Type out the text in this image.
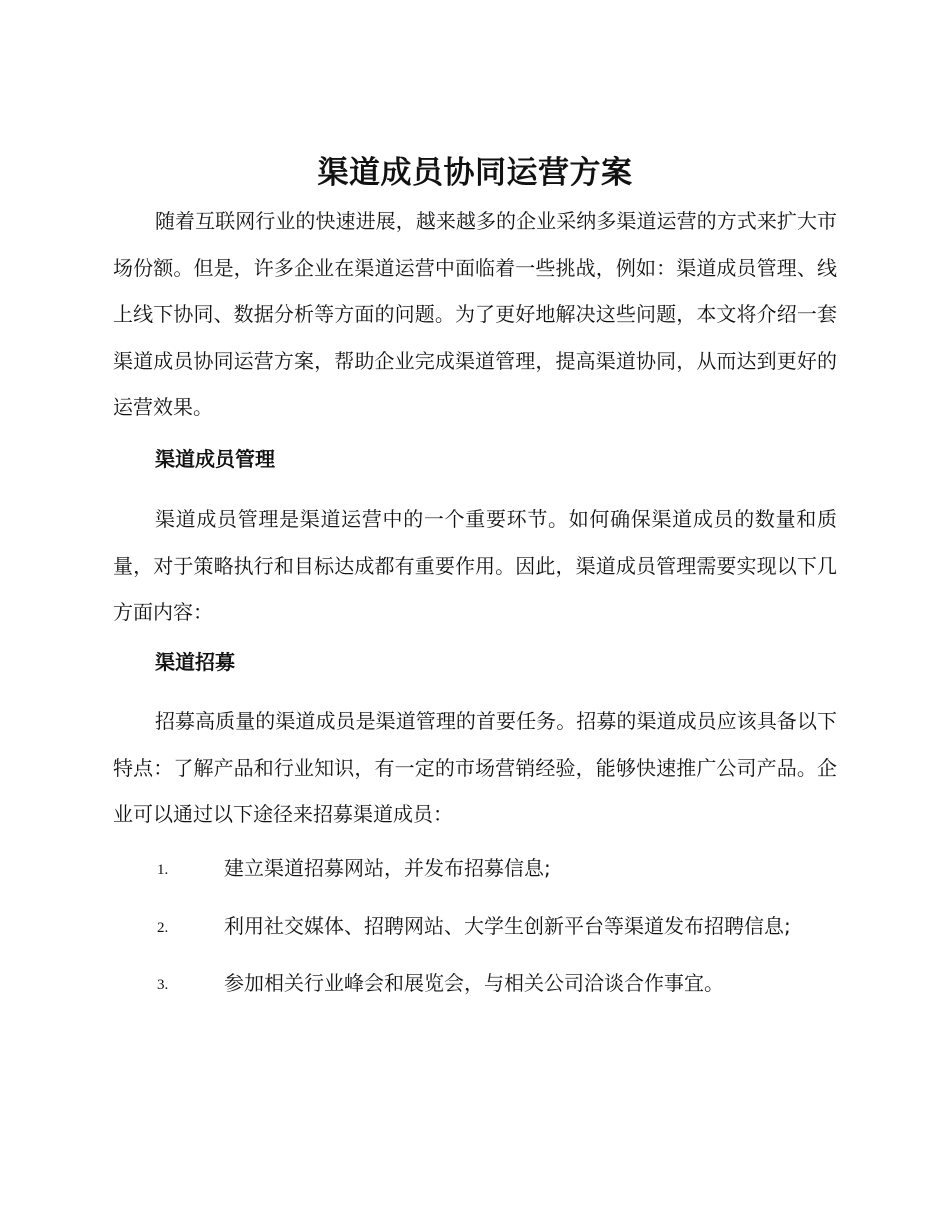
渠道成员协同运营方案

随着互联网行业的快速进展，越来越多的企业采纳多渠道运营的方式来扩大市场份额。但是，许多企业在渠道运营中面临着一些挑战，例如：渠道成员管理、线上线下协同、数据分析等方面的问题。为了更好地解决这些问题，本文将介绍一套渠道成员协同运营方案，帮助企业完成渠道管理，提高渠道协同，从而达到更好的运营效果。

渠道成员管理

渠道成员管理是渠道运营中的一个重要环节。如何确保渠道成员的数量和质量，对于策略执行和目标达成都有重要作用。因此，渠道成员管理需要实现以下几方面内容：

渠道招募

招募高质量的渠道成员是渠道管理的首要任务。招募的渠道成员应该具备以下特点：了解产品和行业知识，有一定的市场营销经验，能够快速推广公司产品。企业可以通过以下途径来招募渠道成员：

1.	建立渠道招募网站，并发布招募信息;
2.	利用社交媒体、招聘网站、大学生创新平台等渠道发布招聘信息;
3.	参加相关行业峰会和展览会，与相关公司洽谈合作事宜。
